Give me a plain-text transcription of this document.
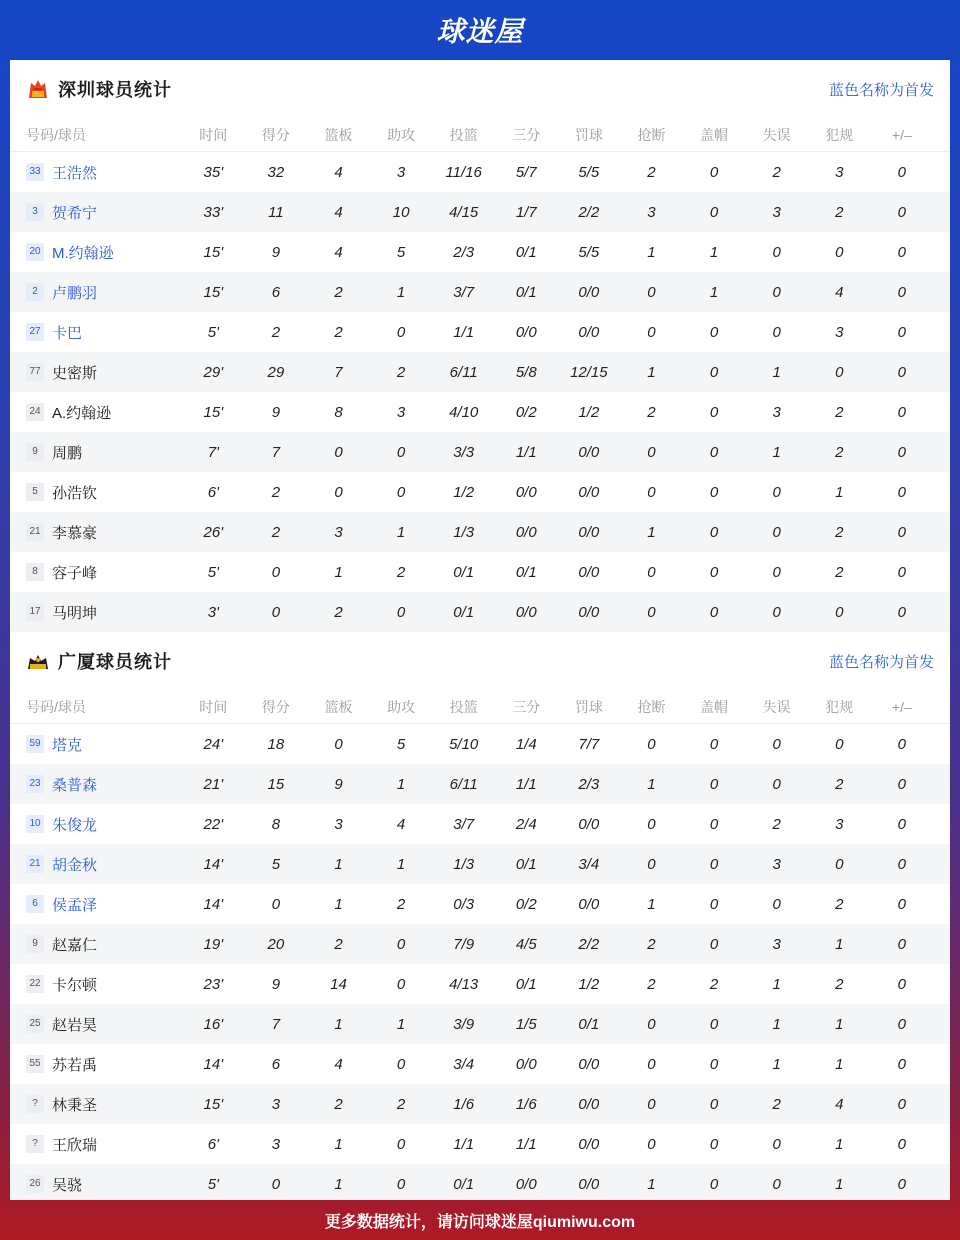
球迷屋
深圳球员统计	蓝色名称为首发
号码/球员	时间	得分	篮板	助攻	投篮	三分	罚球	抢断	盖帽	失误	犯规	+/–
33 王浩然	35'	32	4	3	11/16	5/7	5/5	2	0	2	3	0
3 贺希宁	33'	11	4	10	4/15	1/7	2/2	3	0	3	2	0
20 M.约翰逊	15'	9	4	5	2/3	0/1	5/5	1	1	0	0	0
2 卢鹏羽	15'	6	2	1	3/7	0/1	0/0	0	1	0	4	0
27 卡巴	5'	2	2	0	1/1	0/0	0/0	0	0	0	3	0
77 史密斯	29'	29	7	2	6/11	5/8	12/15	1	0	1	0	0
24 A.约翰逊	15'	9	8	3	4/10	0/2	1/2	2	0	3	2	0
9 周鹏	7'	7	0	0	3/3	1/1	0/0	0	0	1	2	0
5 孙浩钦	6'	2	0	0	1/2	0/0	0/0	0	0	0	1	0
21 李慕豪	26'	2	3	1	1/3	0/0	0/0	1	0	0	2	0
8 容子峰	5'	0	1	2	0/1	0/1	0/0	0	0	0	2	0
17 马明坤	3'	0	2	0	0/1	0/0	0/0	0	0	0	0	0
广厦球员统计	蓝色名称为首发
号码/球员	时间	得分	篮板	助攻	投篮	三分	罚球	抢断	盖帽	失误	犯规	+/–
59 塔克	24'	18	0	5	5/10	1/4	7/7	0	0	0	0	0
23 桑普森	21'	15	9	1	6/11	1/1	2/3	1	0	0	2	0
10 朱俊龙	22'	8	3	4	3/7	2/4	0/0	0	0	2	3	0
21 胡金秋	14'	5	1	1	1/3	0/1	3/4	0	0	3	0	0
6 侯孟泽	14'	0	1	2	0/3	0/2	0/0	1	0	0	2	0
9 赵嘉仁	19'	20	2	0	7/9	4/5	2/2	2	0	3	1	0
22 卡尔顿	23'	9	14	0	4/13	0/1	1/2	2	2	1	2	0
25 赵岩昊	16'	7	1	1	3/9	1/5	0/1	0	0	1	1	0
55 苏若禹	14'	6	4	0	3/4	0/0	0/0	0	0	1	1	0
? 林秉圣	15'	3	2	2	1/6	1/6	0/0	0	0	2	4	0
? 王欣瑞	6'	3	1	0	1/1	1/1	0/0	0	0	0	1	0
26 吴骁	5'	0	1	0	0/1	0/0	0/0	1	0	0	1	0
更多数据统计，请访问球迷屋qiumiwu.com
